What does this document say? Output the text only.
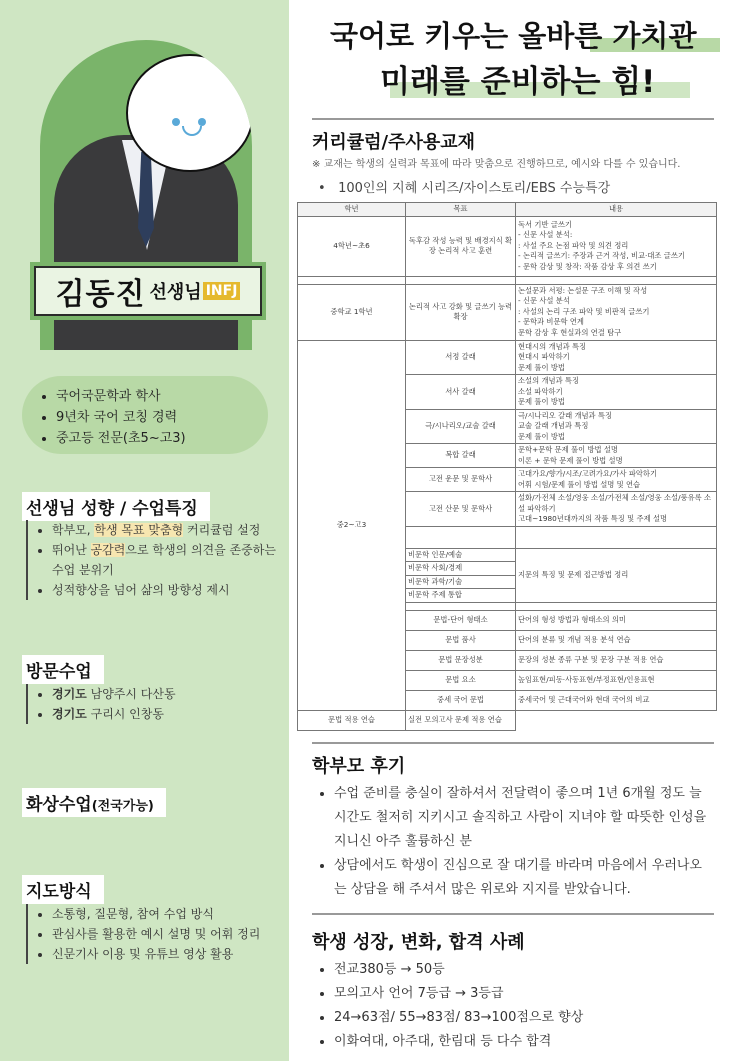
김동진 선생님 INFJ
• 국어국문학과 학사
• 9년차 국어 코칭 경력
• 중고등 전문(초5~고3)
선생님 성향 / 수업특징
• 학부모, 학생 목표 맞춤형 커리큘럼 설정
• 뛰어난 공감력으로 학생의 의견을 존중하는 수업 분위기
• 성적향상을 넘어 삶의 방향성 제시
방문수업
• 경기도 남양주시 다산동
• 경기도 구리시 인창동
화상수업(전국가능)
지도방식
• 소통형, 질문형, 참여 수업 방식
• 관심사를 활용한 예시 설명 및 어휘 정리
• 신문기사 이용 및 유튜브 영상 활용
국어로 키우는 올바른 가치관
미래를 준비하는 힘!
커리큘럼/주사용교재
※ 교재는 학생의 실력과 목표에 따라 맞춤으로 진행하므로, 예시와 다를 수 있습니다.
•   100인의 지혜 시리즈/자이스토리/EBS 수능특강
학년	목표	내용
4학년~초6	독후감 작성 능력 및 배경지식 확장 논리적 사고 훈련	독서 기반 글쓰기
- 신문 사설 분석:
: 사설 주요 논점 파악 및 의견 정리
- 논리적 글쓰기: 주장과 근거 작성, 비교·대조 글쓰기
- 문학 감상 및 창작: 작품 감상 후 의견 쓰기

중학교 1학년	논리적 사고 강화 및 글쓰기 능력 확장	논설문과 서평: 논설문 구조 이해 및 작성
- 신문 사설 분석
: 사설의 논리 구조 파악 및 비판적 글쓰기
- 문학과 비문학 연계
문학 감상 후 현실과의 연결 탐구

중2~고3	서정 갈래	현대시의 개념과 특징
현대시 파악하기
문제 풀이 방법

	서사 갈래	소설의 개념과 특징
소설 파악하기
문제 풀이 방법

	극/시나리오/교술 갈래	극/시나리오 갈래 개념과 특징
교술 갈래 개념과 특징
문제 풀이 방법

	복합 갈래	문학+문학 문제 풀이 방법 설명
이론 + 문학 문제 풀이 방법 설명

	고전 운문 및 문학사	고대가요/향가/시조/고려가요/가사 파악하기
어휘 시험/문제 풀이 방법 설명 및 연습

	고전 산문 및 문학사	설화/가전체 소설/영웅 소설/가전체 소설/영웅 소설/풍유록 소설 파악하기
고대~1980년대까지의 작품 특징 및 주제 설명

	비문학 인문/예술	지문의 특징 및 문제 접근방법 정리
	비문학 사회/경제	
	비문학 과학/기술	
	비문학 주제 통합	

	문법-단어 형태소	단어의 형성 방법과 형태소의 의미
	문법 품사	단어의 분류 및 개념 적용 분석 연습
	문법 문장성분	문장의 성분 종류 구분 및 문장 구분 적용 연습
	문법 요소	높임표현/피동·사동표현/부정표현/인용표현
	중세 국어 문법	중세국어 및 근대국어와 현대 국어의 비교
문법 적용 연습	실전 모의고사 문제 적용 연습	
학부모 후기
• 수업 준비를 충실이 잘하셔서 전달력이 좋으며 1년 6개월 정도 늘 시간도 철저히 지키시고 솔직하고 사람이 지녀야 할 따뜻한 인성을 지니신 아주 훌륭하신 분
• 상담에서도 학생이 진심으로 잘 대기를 바라며 마음에서 우러나오는 상담을 해 주셔서 많은 위로와 지지를 받았습니다.
학생 성장, 변화, 합격 사례
• 전교380등 → 50등
• 모의고사 언어 7등급 → 3등급
• 24→63점/ 55→83점/ 83→100점으로 향상
• 이화여대, 아주대, 한림대 등 다수 합격
